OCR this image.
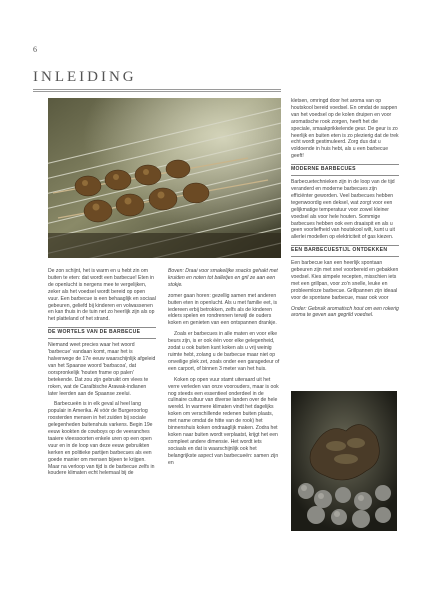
6
INLEIDING

De zon schijnt, het is warm en u hebt zin om buiten te eten: dat wordt een barbecue! Eten in de openlucht is nergens mee te vergelijken, zeker als het voedsel wordt bereid op open vuur. Een barbecue is een behaaglijk en sociaal gebeuren, geliefd bij kinderen en volwassenen en kan thuis in de tuin net zo heerlijk zijn als op het platteland of het strand.

DE WORTELS VAN DE BARBECUE

Niemand weet precies waar het woord 'barbecue' vandaan komt, maar het is halverwege de 17e eeuw waarschijnlijk afgeleid van het Spaanse woord 'barbacoa', dat oorspronkelijk 'houten frame op palen' betekende. Dat zou zijn gebruikt om vlees te roken, wat de Caraïbische Arawak-indianen later leerden aan de Spaanse zeelui.

Barbecueën is in elk geval al heel lang populair in Amerika. Al vóór de Burgeroorlog roosterden mensen in het zuiden bij sociale gelegenheden buitenshuis varkens. Begin 19e eeuw kookten de cowboys op de veeranches taaiere vleessoorten enkele uren op een open vuur en in de loop van deze eeuw gebruikten kerken en politieke partijen barbecues als een goede manier om mensen bijeen te krijgen. Maar na verloop van tijd is de barbecue zelfs in koudere klimaten echt helemaal bij de

Boven: Draai voor smakelijke snacks gehakt met kruiden en noten tot balletjes en gril ze aan een stokje.

zomer gaan horen: gezellig samen met anderen buiten eten in openlucht. Als u met familie eet, is iedereen erbij betrokken, zelfs als de kinderen elders spelen en rondrennen terwijl de ouders koken en genieten van een ontspannen drankje.

Zoals er barbecues in alle maten en voor elke beurs zijn, is er ook één voor elke gelegenheid, zodat u ook buiten kunt koken als u vrij weinig ruimte hebt, zolang u de barbecue maar niet op onveilige plek zet, zoals onder een garagedeur of een carport, of binnen 3 meter van het huis.

Koken op open vuur stamt uiteraard uit het verre verleden van onze voorouders, maar is ook nog steeds een essentieel onderdeel in de culinaire cultuur van diverse landen over de hele wereld. In warmere klimaten vindt het dagelijks koken om verschillende redenen buiten plaats, met name omdat de hitte van de rook) het binnenshuis koken ondraaglijk maken. Zodra het koken naar buiten wordt verplaatst, krijgt het een compleet andere dimensie. Het wordt iets sociaals en dat is waarschijnlijk ook het belangrijkste aspect van barbecueën: samen zijn en

kletsen, omringd door het aroma van op houtskool bereid voedsel. En omdat de sappen van het voedsel op de kolen druipen en voor aromatische rook zorgen, heeft het die speciale, smaakprikkelende geur. De geur is zo heerlijk en buiten eten is zo plezierig dat de trek echt wordt gestimuleerd. Zorg dus dat u voldoende in huis hebt, als u een barbecue geeft!

MODERNE BARBECUES

Barbecuetechnieken zijn in de loop van de tijd veranderd en moderne barbecues zijn efficiënter geworden. Veel barbecues hebben tegenwoordig een deksel, wat zorgt voor een gelijkmatige temperatuur voor zowel kleiner voedsel als voor hele houten. Sommige barbecues hebben ook een draaispit en als u geen voorliefheid van houtskool wilt, kunt u uit allerlei modellen op elektriciteit of gas kiezen.

EEN BARBECUESTIJL ONTDEKKEN

Een barbecue kan een heerlijk spontaan gebeuren zijn met snel voorbereid en gebakken voedsel. Kies simpele recepten, misschien iets met een grillpan, voor zo'n snelle, leuke en probleemloze barbecue. Grillpannen zijn ideaal voor de spontane barbecue, maar ook voor

Onder: Gebruik aromatisch hout om een rokerig aroma te geven aan gegrild voedsel.
